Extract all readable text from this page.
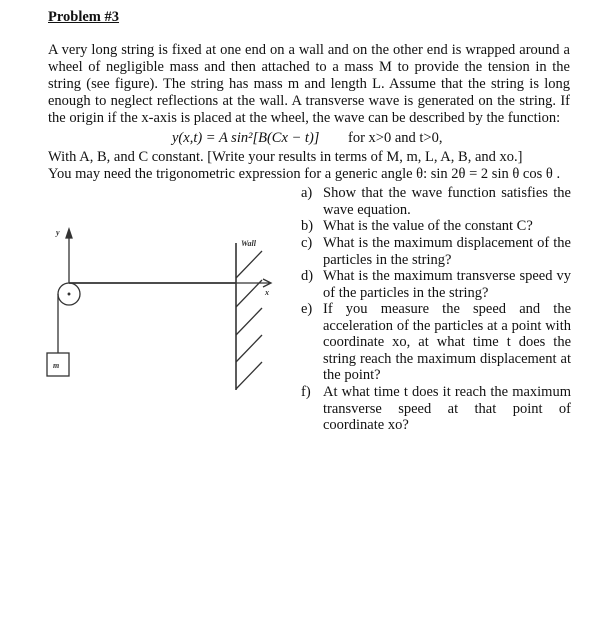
Problem #3
A very long string is fixed at one end on a wall and on the other end is wrapped around a
wheel of negligible mass and then attached to a mass M to provide the tension in the
string (see figure). The string has mass m and length L. Assume that the string is long
enough to neglect reflections at the wall. A transverse wave is generated on the string. If
the origin if the x-axis is placed at the wheel, the wave can be described by the function:
y(x,t) = A sin²[B(Cx − t)] for x>0 and t>0,
With A, B, and C constant. [Write your results in terms of M, m, L, A, B, and xo.]
You may need the trigonometric expression for a generic angle θ: sin 2θ = 2 sin θ cos θ .
y
x
Wall
m
a) Show that the wave function satisfies the wave equation.
b) What is the value of the constant C?
c) What is the maximum displacement of the particles in the string?
d) What is the maximum transverse speed vy of the particles in the string?
e) If you measure the speed and the acceleration of the particles at a point with coordinate xo, at what time t does the string reach the maximum displacement at the point?
f) At what time t does it reach the maximum transverse speed at that point of coordinate xo?
